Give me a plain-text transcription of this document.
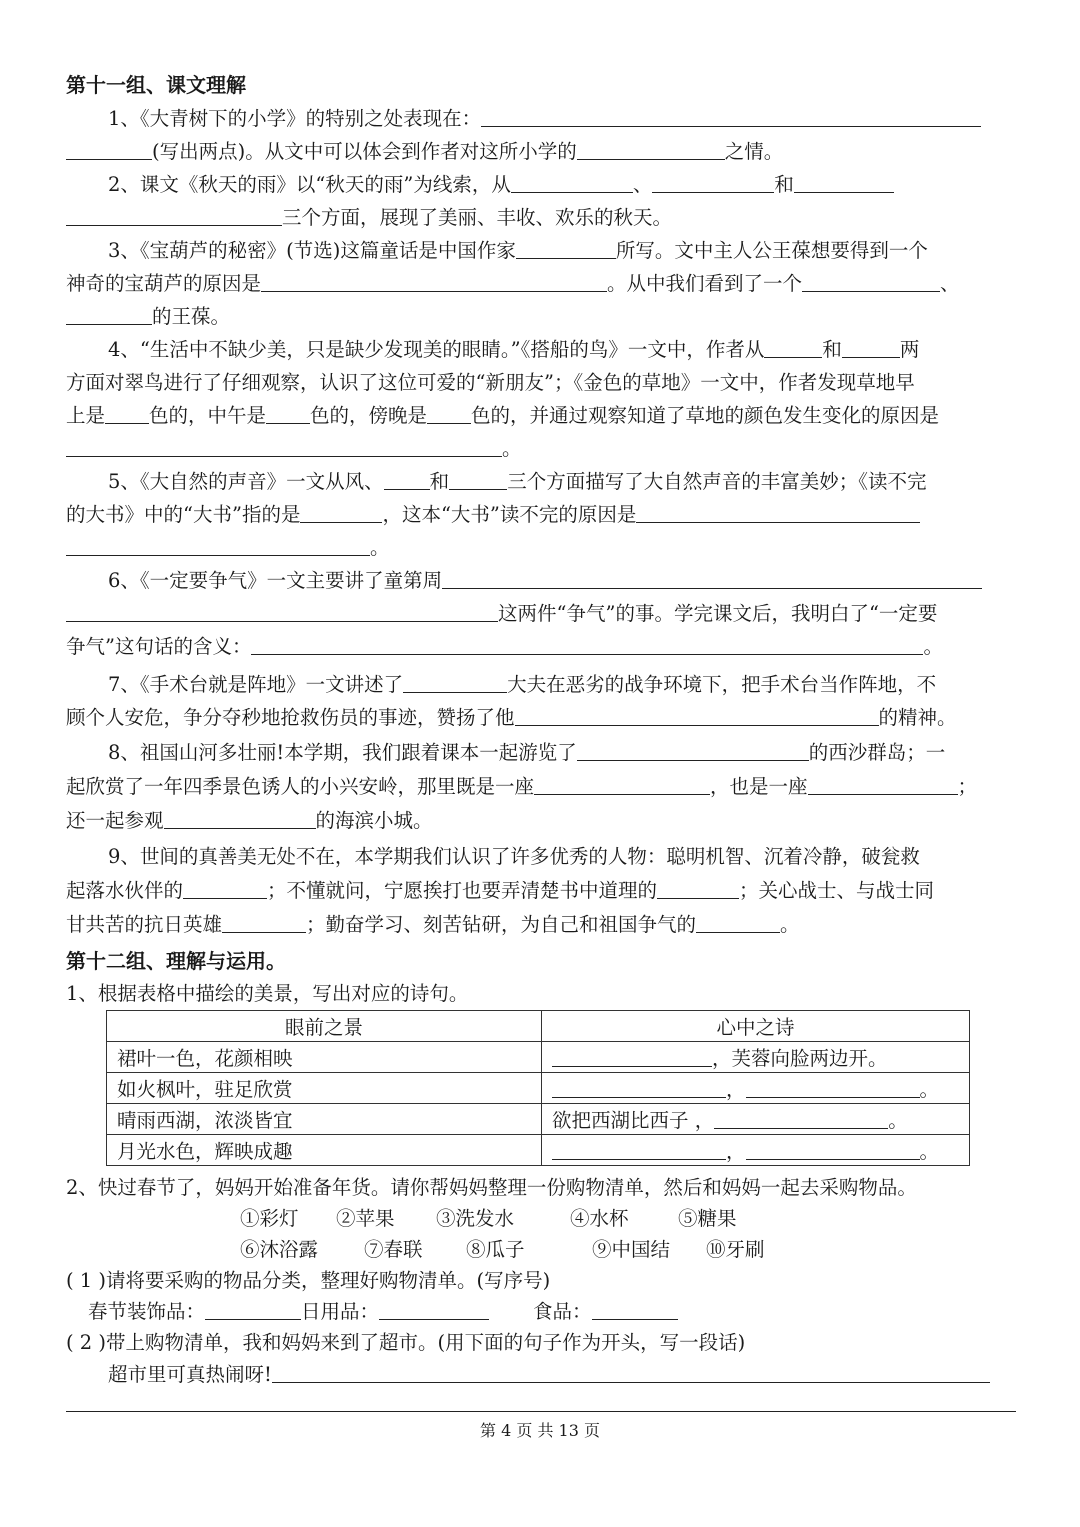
第十一组、课文理解
1、《大青树下的小学》的特别之处表现在：
(写出两点)。从文中可以体会到作者对这所小学的	之情。
2、课文《秋天的雨》以“秋天的雨”为线索，从	、	和
三个方面，展现了美丽、丰收、欢乐的秋天。
3、《宝葫芦的秘密》(节选)这篇童话是中国作家	所写。文中主人公王葆想要得到一个
神奇的宝葫芦的原因是	。从中我们看到了一个	、
的王葆。
4、“生活中不缺少美，只是缺少发现美的眼睛。”《搭船的鸟》一文中，作者从	和	两
方面对翠鸟进行了仔细观察，认识了这位可爱的“新朋友”；《金色的草地》一文中，作者发现草地早
上是 色的，中午是 色的，傍晚是 色的，并通过观察知道了草地的颜色发生变化的原因是
。
5、《大自然的声音》一文从风、 和	三个方面描写了大自然声音的丰富美妙；《读不完
的大书》中的“大书”指的是	，这本“大书”读不完的原因是
。
6、《一定要争气》一文主要讲了童第周
这两件“争气”的事。学完课文后，我明白了“一定要
争气”这句话的含义：	。
7、《手术台就是阵地》一文讲述了	大夫在恶劣的战争环境下，把手术台当作阵地，不
顾个人安危，争分夺秒地抢救伤员的事迹，赞扬了他	的精神。
8、祖国山河多壮丽!本学期，我们跟着课本一起游览了	的西沙群岛；一
起欣赏了一年四季景色诱人的小兴安岭，那里既是一座	，也是一座	；
还一起参观	的海滨小城。
9、世间的真善美无处不在，本学期我们认识了许多优秀的人物：聪明机智、沉着冷静，破瓮救
起落水伙伴的	；不懂就问，宁愿挨打也要弄清楚书中道理的	；关心战士、与战士同
甘共苦的抗日英雄	；勤奋学习、刻苦钻研，为自己和祖国争气的	。
第十二组、理解与运用。
1、根据表格中描绘的美景，写出对应的诗句。
眼前之景	心中之诗
裙叶一色，花颜相映	，芙蓉向脸两边开。
如火枫叶，驻足欣赏	， 。
晴雨西湖，浓淡皆宜	欲把西湖比西子 ， 。
月光水色，辉映成趣	， 。
2、快过春节了，妈妈开始准备年货。请你帮妈妈整理一份购物清单，然后和妈妈一起去采购物品。
①彩灯 ②苹果 ③洗发水	④水杯	⑤糖果
⑥沐浴露 ⑦春联 ⑧瓜子	⑨中国结 ⑩牙刷
( 1 )请将要采购的物品分类，整理好购物清单。(写序号)
春节装饰品：	日用品：	食品：
( 2 )带上购物清单，我和妈妈来到了超市。(用下面的句子作为开头，写一段话)
超市里可真热闹呀!
第 4 页 共 13 页
